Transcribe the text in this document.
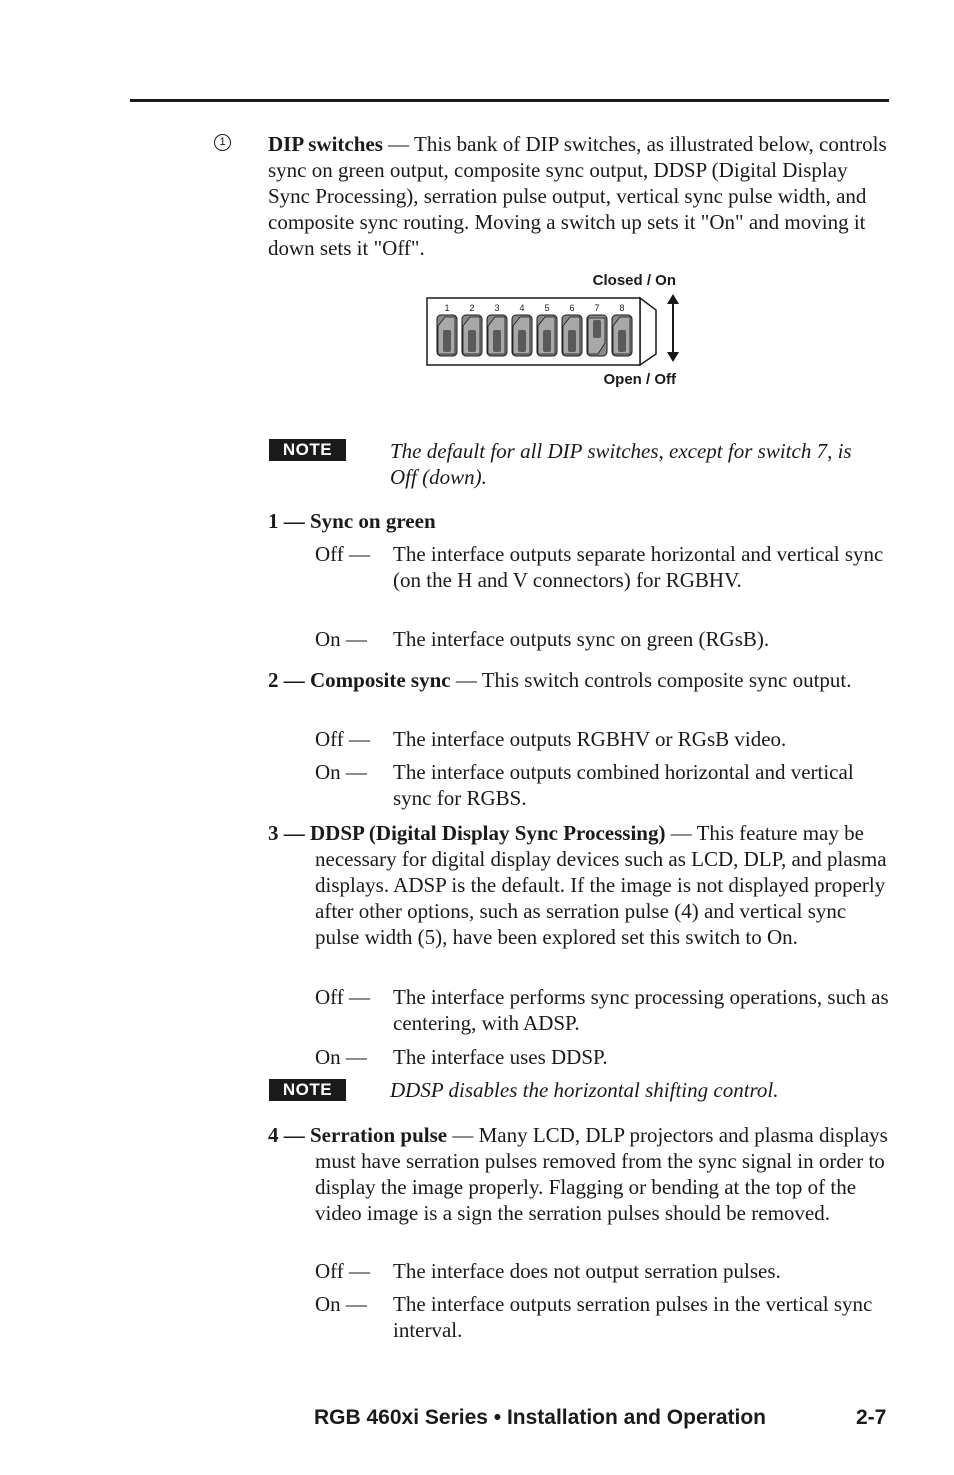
1 DIP switches — This bank of DIP switches, as illustrated below, controls sync on green output, composite sync output, DDSP (Digital Display Sync Processing), serration pulse output, vertical sync pulse width, and composite sync routing. Moving a switch up sets it "On" and moving it down sets it "Off".
Closed / On
1 2 3 4 5 6 7 8
Open / Off
NOTE	The default for all DIP switches, except for switch 7, is Off (down).
1 — Sync on green
Off —	The interface outputs separate horizontal and vertical sync (on the H and V connectors) for RGBHV.
On —	The interface outputs sync on green (RGsB).
2 — Composite sync — This switch controls composite sync output.
Off —	The interface outputs RGBHV or RGsB video.
On —	The interface outputs combined horizontal and vertical sync for RGBS.
3 — DDSP (Digital Display Sync Processing) — This feature may be necessary for digital display devices such as LCD, DLP, and plasma displays. ADSP is the default. If the image is not displayed properly after other options, such as serration pulse (4) and vertical sync pulse width (5), have been explored set this switch to On.
Off —	The interface performs sync processing operations, such as centering, with ADSP.
On —	The interface uses DDSP.
NOTE	DDSP disables the horizontal shifting control.
4 — Serration pulse — Many LCD, DLP projectors and plasma displays must have serration pulses removed from the sync signal in order to display the image properly. Flagging or bending at the top of the video image is a sign the serration pulses should be removed.
Off —	The interface does not output serration pulses.
On —	The interface outputs serration pulses in the vertical sync interval.
RGB 460xi Series • Installation and Operation	2-7
